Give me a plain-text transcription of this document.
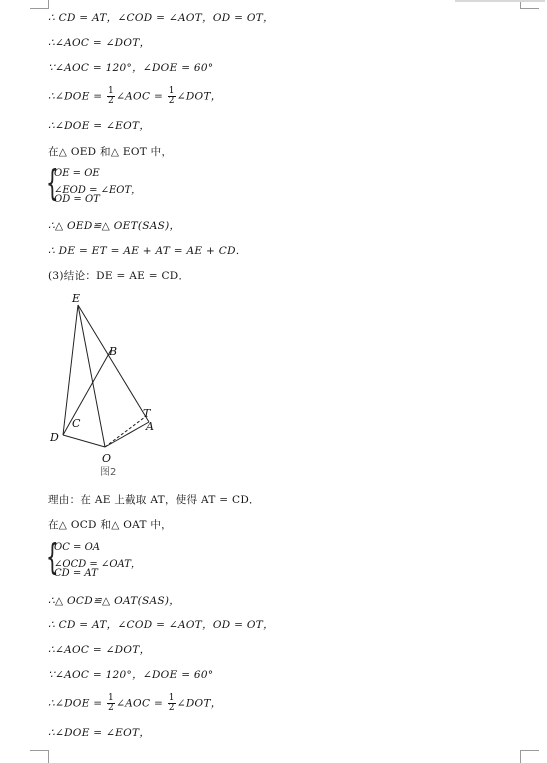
∴ CD = AT，∠COD = ∠AOT，OD = OT，
∴∠AOC = ∠DOT，
∵∠AOC = 120°，∠DOE = 60°
∴∠DOE = $\frac{1}{2}$ ∠AOC = $\frac{1}{2}$ ∠DOT，
∴∠DOE = ∠EOT，
在△ OED 和△ EOT 中，
{
OE = OE
∠EOD = ∠EOT，
OD = OT
∴△ OED≌△ OET(SAS)，
∴ DE = ET = AE + AT = AE + CD．
(3)结论：DE = AE = CD．
E
B
C
T
A
D
O
图2
理由：在 AE 上截取 AT，使得 AT = CD．
在△ OCD 和△ OAT 中，
{
OC = OA
∠OCD = ∠OAT，
CD = AT
∴△ OCD≌△ OAT(SAS)，
∴ CD = AT，∠COD = ∠AOT，OD = OT，
∴∠AOC = ∠DOT，
∵∠AOC = 120°，∠DOE = 60°
∴∠DOE = $\frac{1}{2}$ ∠AOC = $\frac{1}{2}$ ∠DOT，
∴∠DOE = ∠EOT，
